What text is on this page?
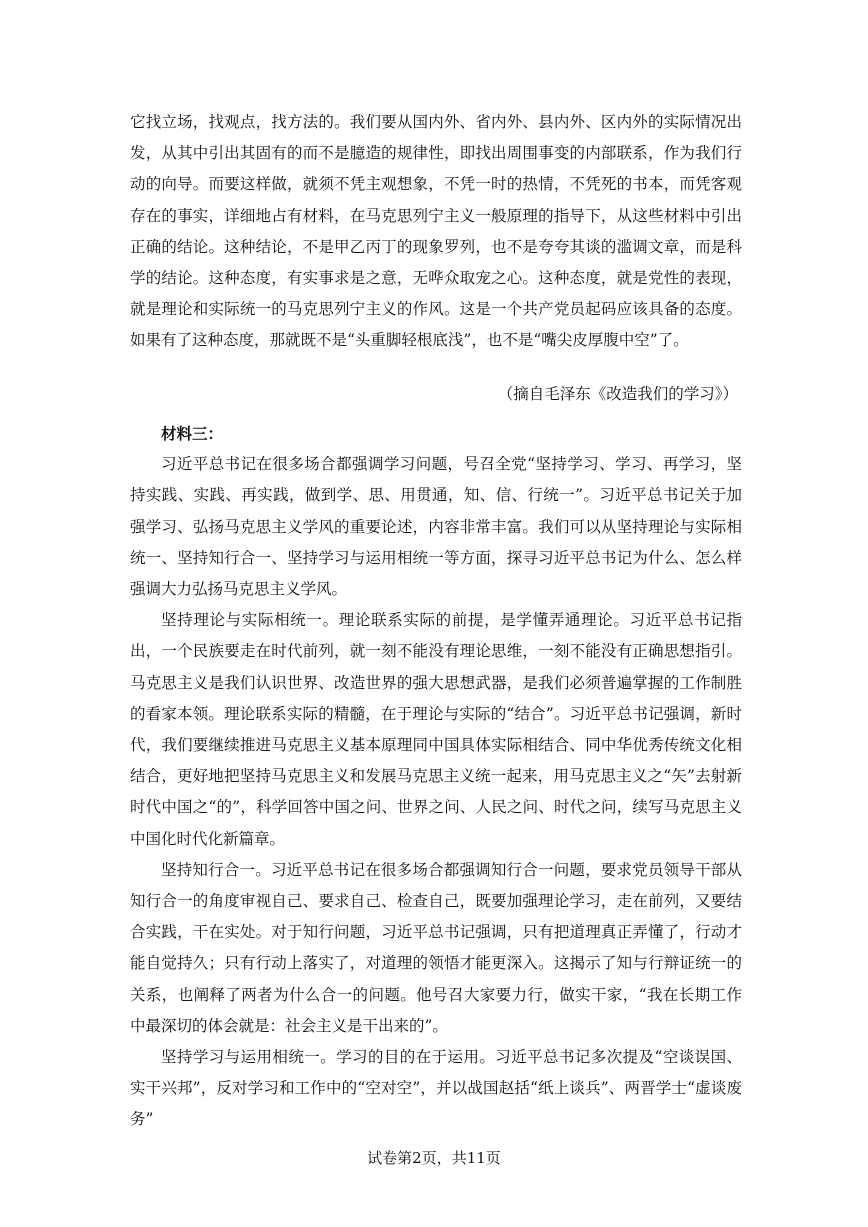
它找立场，找观点，找方法的。我们要从国内外、省内外、县内外、区内外的实际情况出发，从其中引出其固有的而不是臆造的规律性，即找出周围事变的内部联系，作为我们行动的向导。而要这样做，就须不凭主观想象，不凭一时的热情，不凭死的书本，而凭客观存在的事实，详细地占有材料，在马克思列宁主义一般原理的指导下，从这些材料中引出正确的结论。这种结论，不是甲乙丙丁的现象罗列，也不是夸夸其谈的滥调文章，而是科学的结论。这种态度，有实事求是之意，无哗众取宠之心。这种态度，就是党性的表现，就是理论和实际统一的马克思列宁主义的作风。这是一个共产党员起码应该具备的态度。如果有了这种态度，那就既不是“头重脚轻根底浅”，也不是“嘴尖皮厚腹中空”了。

（摘自毛泽东《改造我们的学习》）

材料三：

习近平总书记在很多场合都强调学习问题，号召全党“坚持学习、学习、再学习，坚持实践、实践、再实践，做到学、思、用贯通，知、信、行统一”。习近平总书记关于加强学习、弘扬马克思主义学风的重要论述，内容非常丰富。我们可以从坚持理论与实际相统一、坚持知行合一、坚持学习与运用相统一等方面，探寻习近平总书记为什么、怎么样强调大力弘扬马克思主义学风。

坚持理论与实际相统一。理论联系实际的前提，是学懂弄通理论。习近平总书记指出，一个民族要走在时代前列，就一刻不能没有理论思维，一刻不能没有正确思想指引。马克思主义是我们认识世界、改造世界的强大思想武器，是我们必须普遍掌握的工作制胜的看家本领。理论联系实际的精髓，在于理论与实际的“结合”。习近平总书记强调，新时代，我们要继续推进马克思主义基本原理同中国具体实际相结合、同中华优秀传统文化相结合，更好地把坚持马克思主义和发展马克思主义统一起来，用马克思主义之“矢”去射新时代中国之“的”，科学回答中国之问、世界之问、人民之问、时代之问，续写马克思主义中国化时代化新篇章。

坚持知行合一。习近平总书记在很多场合都强调知行合一问题，要求党员领导干部从知行合一的角度审视自己、要求自己、检查自己，既要加强理论学习，走在前列，又要结合实践，干在实处。对于知行问题，习近平总书记强调，只有把道理真正弄懂了，行动才能自觉持久；只有行动上落实了，对道理的领悟才能更深入。这揭示了知与行辩证统一的关系，也阐释了两者为什么合一的问题。他号召大家要力行，做实干家，“我在长期工作中最深切的体会就是：社会主义是干出来的”。

坚持学习与运用相统一。学习的目的在于运用。习近平总书记多次提及“空谈误国、实干兴邦”，反对学习和工作中的“空对空”，并以战国赵括“纸上谈兵”、两晋学士“虚谈废务”

试卷第2页，共11页
